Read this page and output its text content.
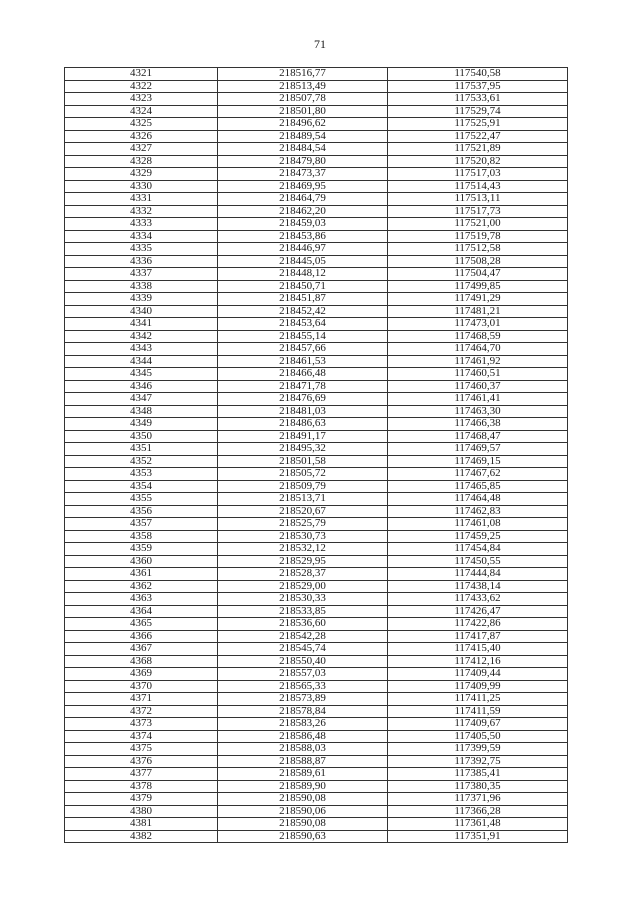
71
4321	218516,77	117540,58
4322	218513,49	117537,95
4323	218507,78	117533,61
4324	218501,80	117529,74
4325	218496,62	117525,91
4326	218489,54	117522,47
4327	218484,54	117521,89
4328	218479,80	117520,82
4329	218473,37	117517,03
4330	218469,95	117514,43
4331	218464,79	117513,11
4332	218462,20	117517,73
4333	218459,03	117521,00
4334	218453,86	117519,78
4335	218446,97	117512,58
4336	218445,05	117508,28
4337	218448,12	117504,47
4338	218450,71	117499,85
4339	218451,87	117491,29
4340	218452,42	117481,21
4341	218453,64	117473,01
4342	218455,14	117468,59
4343	218457,66	117464,70
4344	218461,53	117461,92
4345	218466,48	117460,51
4346	218471,78	117460,37
4347	218476,69	117461,41
4348	218481,03	117463,30
4349	218486,63	117466,38
4350	218491,17	117468,47
4351	218495,32	117469,57
4352	218501,58	117469,15
4353	218505,72	117467,62
4354	218509,79	117465,85
4355	218513,71	117464,48
4356	218520,67	117462,83
4357	218525,79	117461,08
4358	218530,73	117459,25
4359	218532,12	117454,84
4360	218529,95	117450,55
4361	218528,37	117444,84
4362	218529,00	117438,14
4363	218530,33	117433,62
4364	218533,85	117426,47
4365	218536,60	117422,86
4366	218542,28	117417,87
4367	218545,74	117415,40
4368	218550,40	117412,16
4369	218557,03	117409,44
4370	218565,33	117409,99
4371	218573,89	117411,25
4372	218578,84	117411,59
4373	218583,26	117409,67
4374	218586,48	117405,50
4375	218588,03	117399,59
4376	218588,87	117392,75
4377	218589,61	117385,41
4378	218589,90	117380,35
4379	218590,08	117371,96
4380	218590,06	117366,28
4381	218590,08	117361,48
4382	218590,63	117351,91
